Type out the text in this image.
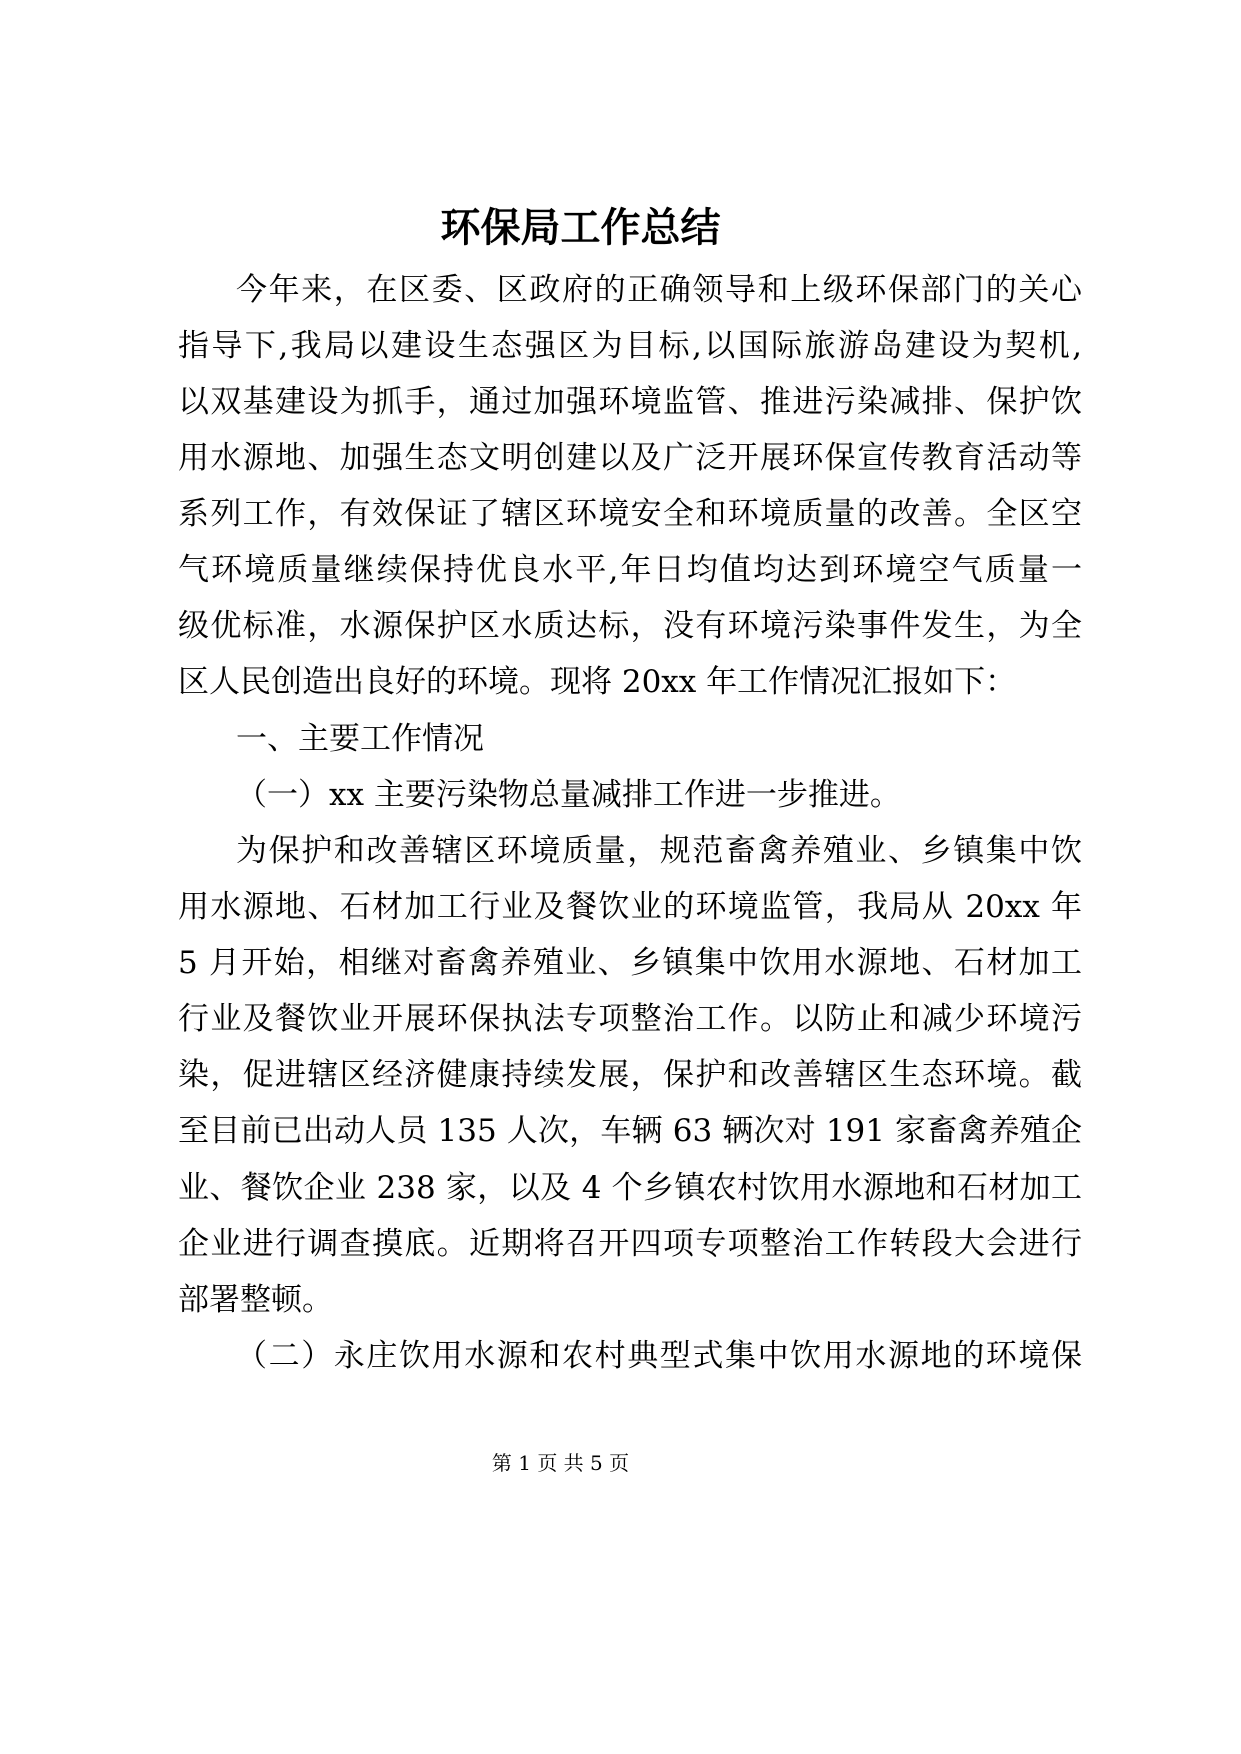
环保局工作总结
今年来，在区委、区政府的正确领导和上级环保部门的关心
指导下,我局以建设生态强区为目标,以国际旅游岛建设为契机,
以双基建设为抓手，通过加强环境监管、推进污染减排、保护饮
用水源地、加强生态文明创建以及广泛开展环保宣传教育活动等
系列工作，有效保证了辖区环境安全和环境质量的改善。全区空
气环境质量继续保持优良水平,年日均值均达到环境空气质量一
级优标准，水源保护区水质达标，没有环境污染事件发生，为全
区人民创造出良好的环境。现将 20xx 年工作情况汇报如下：
一、主要工作情况
（一）xx 主要污染物总量减排工作进一步推进。
为保护和改善辖区环境质量，规范畜禽养殖业、乡镇集中饮
用水源地、石材加工行业及餐饮业的环境监管，我局从 20xx 年
5 月开始，相继对畜禽养殖业、乡镇集中饮用水源地、石材加工
行业及餐饮业开展环保执法专项整治工作。以防止和减少环境污
染，促进辖区经济健康持续发展，保护和改善辖区生态环境。截
至目前已出动人员 135 人次，车辆 63 辆次对 191 家畜禽养殖企
业、餐饮企业 238 家，以及 4 个乡镇农村饮用水源地和石材加工
企业进行调查摸底。近期将召开四项专项整治工作转段大会进行
部署整顿。
（二）永庄饮用水源和农村典型式集中饮用水源地的环境保
第 1 页 共 5 页
